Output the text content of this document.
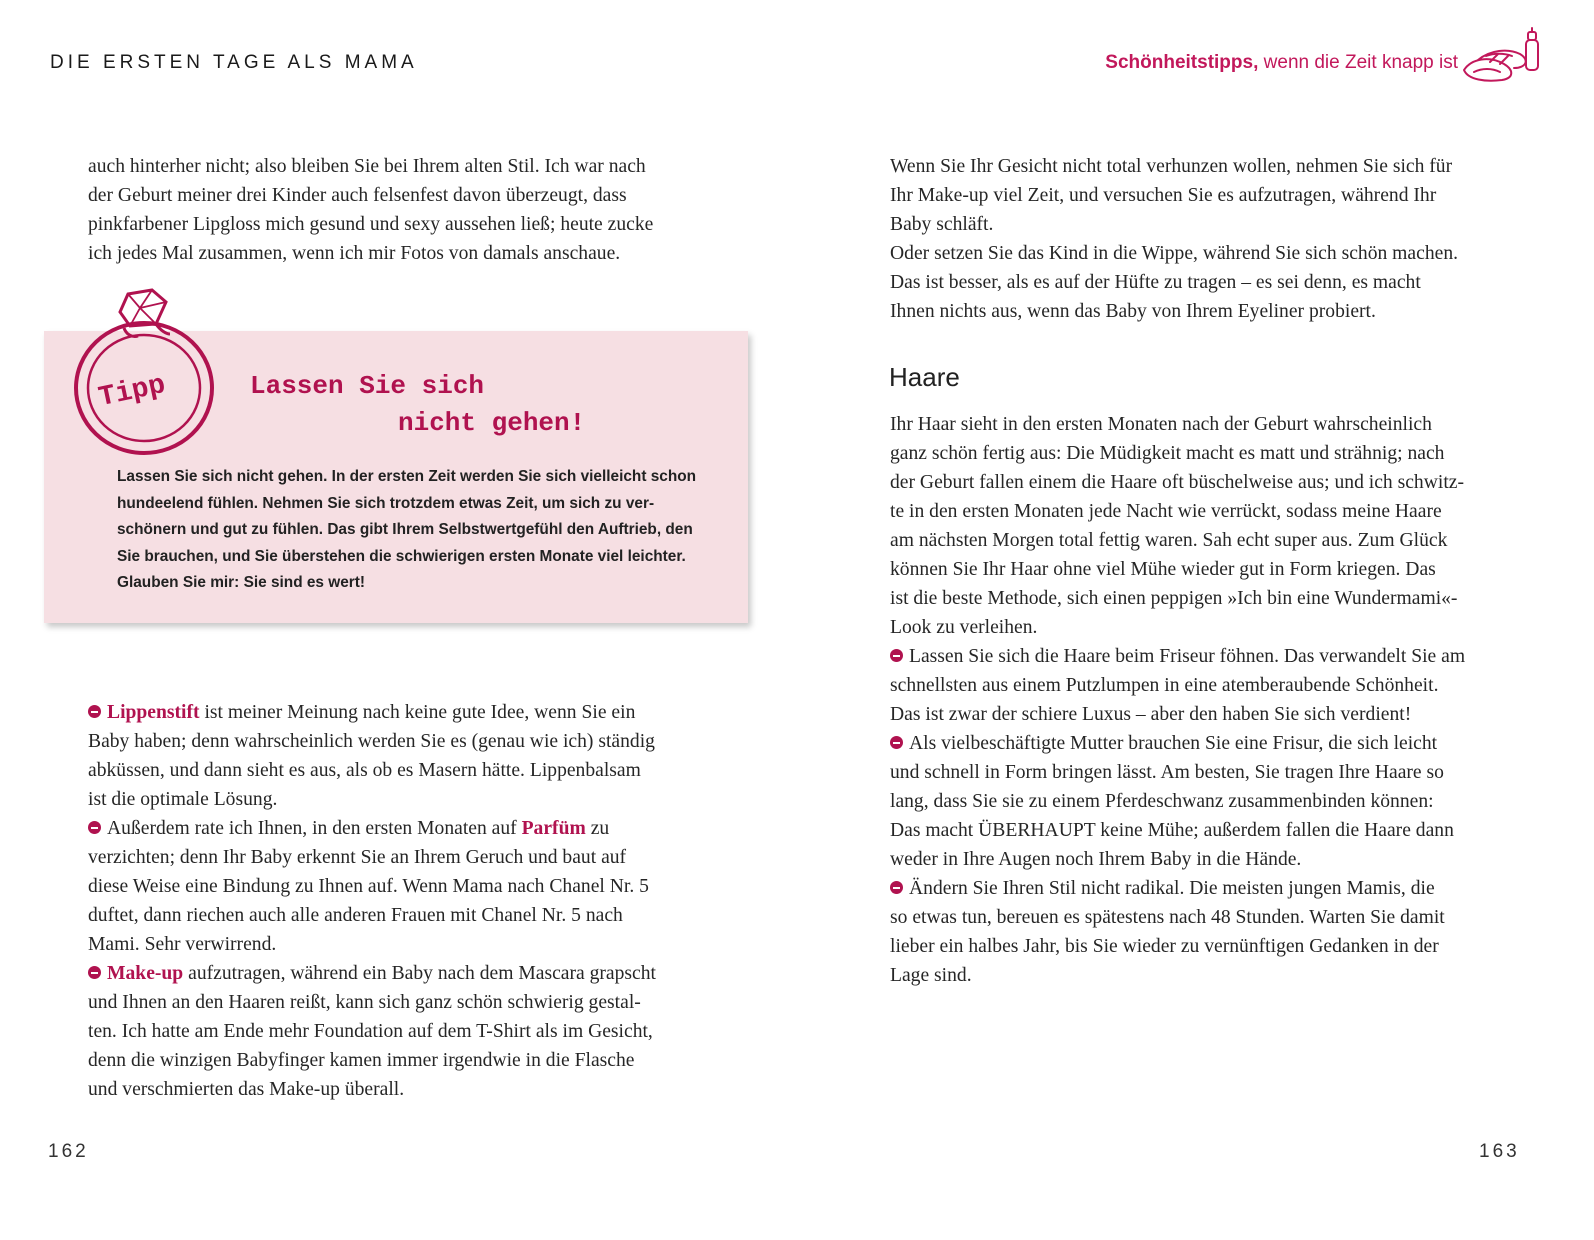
DIE ERSTEN TAGE ALS MAMA	Schönheitstipps, wenn die Zeit knapp ist

auch hinterher nicht; also bleiben Sie bei Ihrem alten Stil. Ich war nach

der Geburt meiner drei Kinder auch felsenfest davon überzeugt, dass

pinkfarbener Lipgloss mich gesund und sexy aussehen ließ; heute zucke

ich jedes Mal zusammen, wenn ich mir Fotos von damals anschaue.

Tipp	Lassen Sie sich
nicht gehen!
Lassen Sie sich nicht gehen. In der ersten Zeit werden Sie sich vielleicht schon
hundeelend fühlen. Nehmen Sie sich trotzdem etwas Zeit, um sich zu ver-
schönern und gut zu fühlen. Das gibt Ihrem Selbstwertgefühl den Auftrieb, den
Sie brauchen, und Sie überstehen die schwierigen ersten Monate viel leichter.
Glauben Sie mir: Sie sind es wert!

Lippenstift ist meiner Meinung nach keine gute Idee, wenn Sie ein

Baby haben; denn wahrscheinlich werden Sie es (genau wie ich) ständig

abküssen, und dann sieht es aus, als ob es Masern hätte. Lippenbalsam

ist die optimale Lösung.

Außerdem rate ich Ihnen, in den ersten Monaten auf Parfüm zu

verzichten; denn Ihr Baby erkennt Sie an Ihrem Geruch und baut auf

diese Weise eine Bindung zu Ihnen auf. Wenn Mama nach Chanel Nr. 5

duftet, dann riechen auch alle anderen Frauen mit Chanel Nr. 5 nach

Mami. Sehr verwirrend.

Make-up aufzutragen, während ein Baby nach dem Mascara grapscht

und Ihnen an den Haaren reißt, kann sich ganz schön schwierig gestal-

ten. Ich hatte am Ende mehr Foundation auf dem T-Shirt als im Gesicht,

denn die winzigen Babyfinger kamen immer irgendwie in die Flasche

und verschmierten das Make-up überall.

162

Wenn Sie Ihr Gesicht nicht total verhunzen wollen, nehmen Sie sich für

Ihr Make-up viel Zeit, und versuchen Sie es aufzutragen, während Ihr

Baby schläft.

Oder setzen Sie das Kind in die Wippe, während Sie sich schön machen.

Das ist besser, als es auf der Hüfte zu tragen – es sei denn, es macht

Ihnen nichts aus, wenn das Baby von Ihrem Eyeliner probiert.

Haare

Ihr Haar sieht in den ersten Monaten nach der Geburt wahrscheinlich

ganz schön fertig aus: Die Müdigkeit macht es matt und strähnig; nach

der Geburt fallen einem die Haare oft büschelweise aus; und ich schwitz-

te in den ersten Monaten jede Nacht wie verrückt, sodass meine Haare

am nächsten Morgen total fettig waren. Sah echt super aus. Zum Glück

können Sie Ihr Haar ohne viel Mühe wieder gut in Form kriegen. Das

ist die beste Methode, sich einen peppigen »Ich bin eine Wundermami«-

Look zu verleihen.

Lassen Sie sich die Haare beim Friseur föhnen. Das verwandelt Sie am

schnellsten aus einem Putzlumpen in eine atemberaubende Schönheit.

Das ist zwar der schiere Luxus – aber den haben Sie sich verdient!

Als vielbeschäftigte Mutter brauchen Sie eine Frisur, die sich leicht

und schnell in Form bringen lässt. Am besten, Sie tragen Ihre Haare so

lang, dass Sie sie zu einem Pferdeschwanz zusammenbinden können:

Das macht ÜBERHAUPT keine Mühe; außerdem fallen die Haare dann

weder in Ihre Augen noch Ihrem Baby in die Hände.

Ändern Sie Ihren Stil nicht radikal. Die meisten jungen Mamis, die

so etwas tun, bereuen es spätestens nach 48 Stunden. Warten Sie damit

lieber ein halbes Jahr, bis Sie wieder zu vernünftigen Gedanken in der

Lage sind.

163
